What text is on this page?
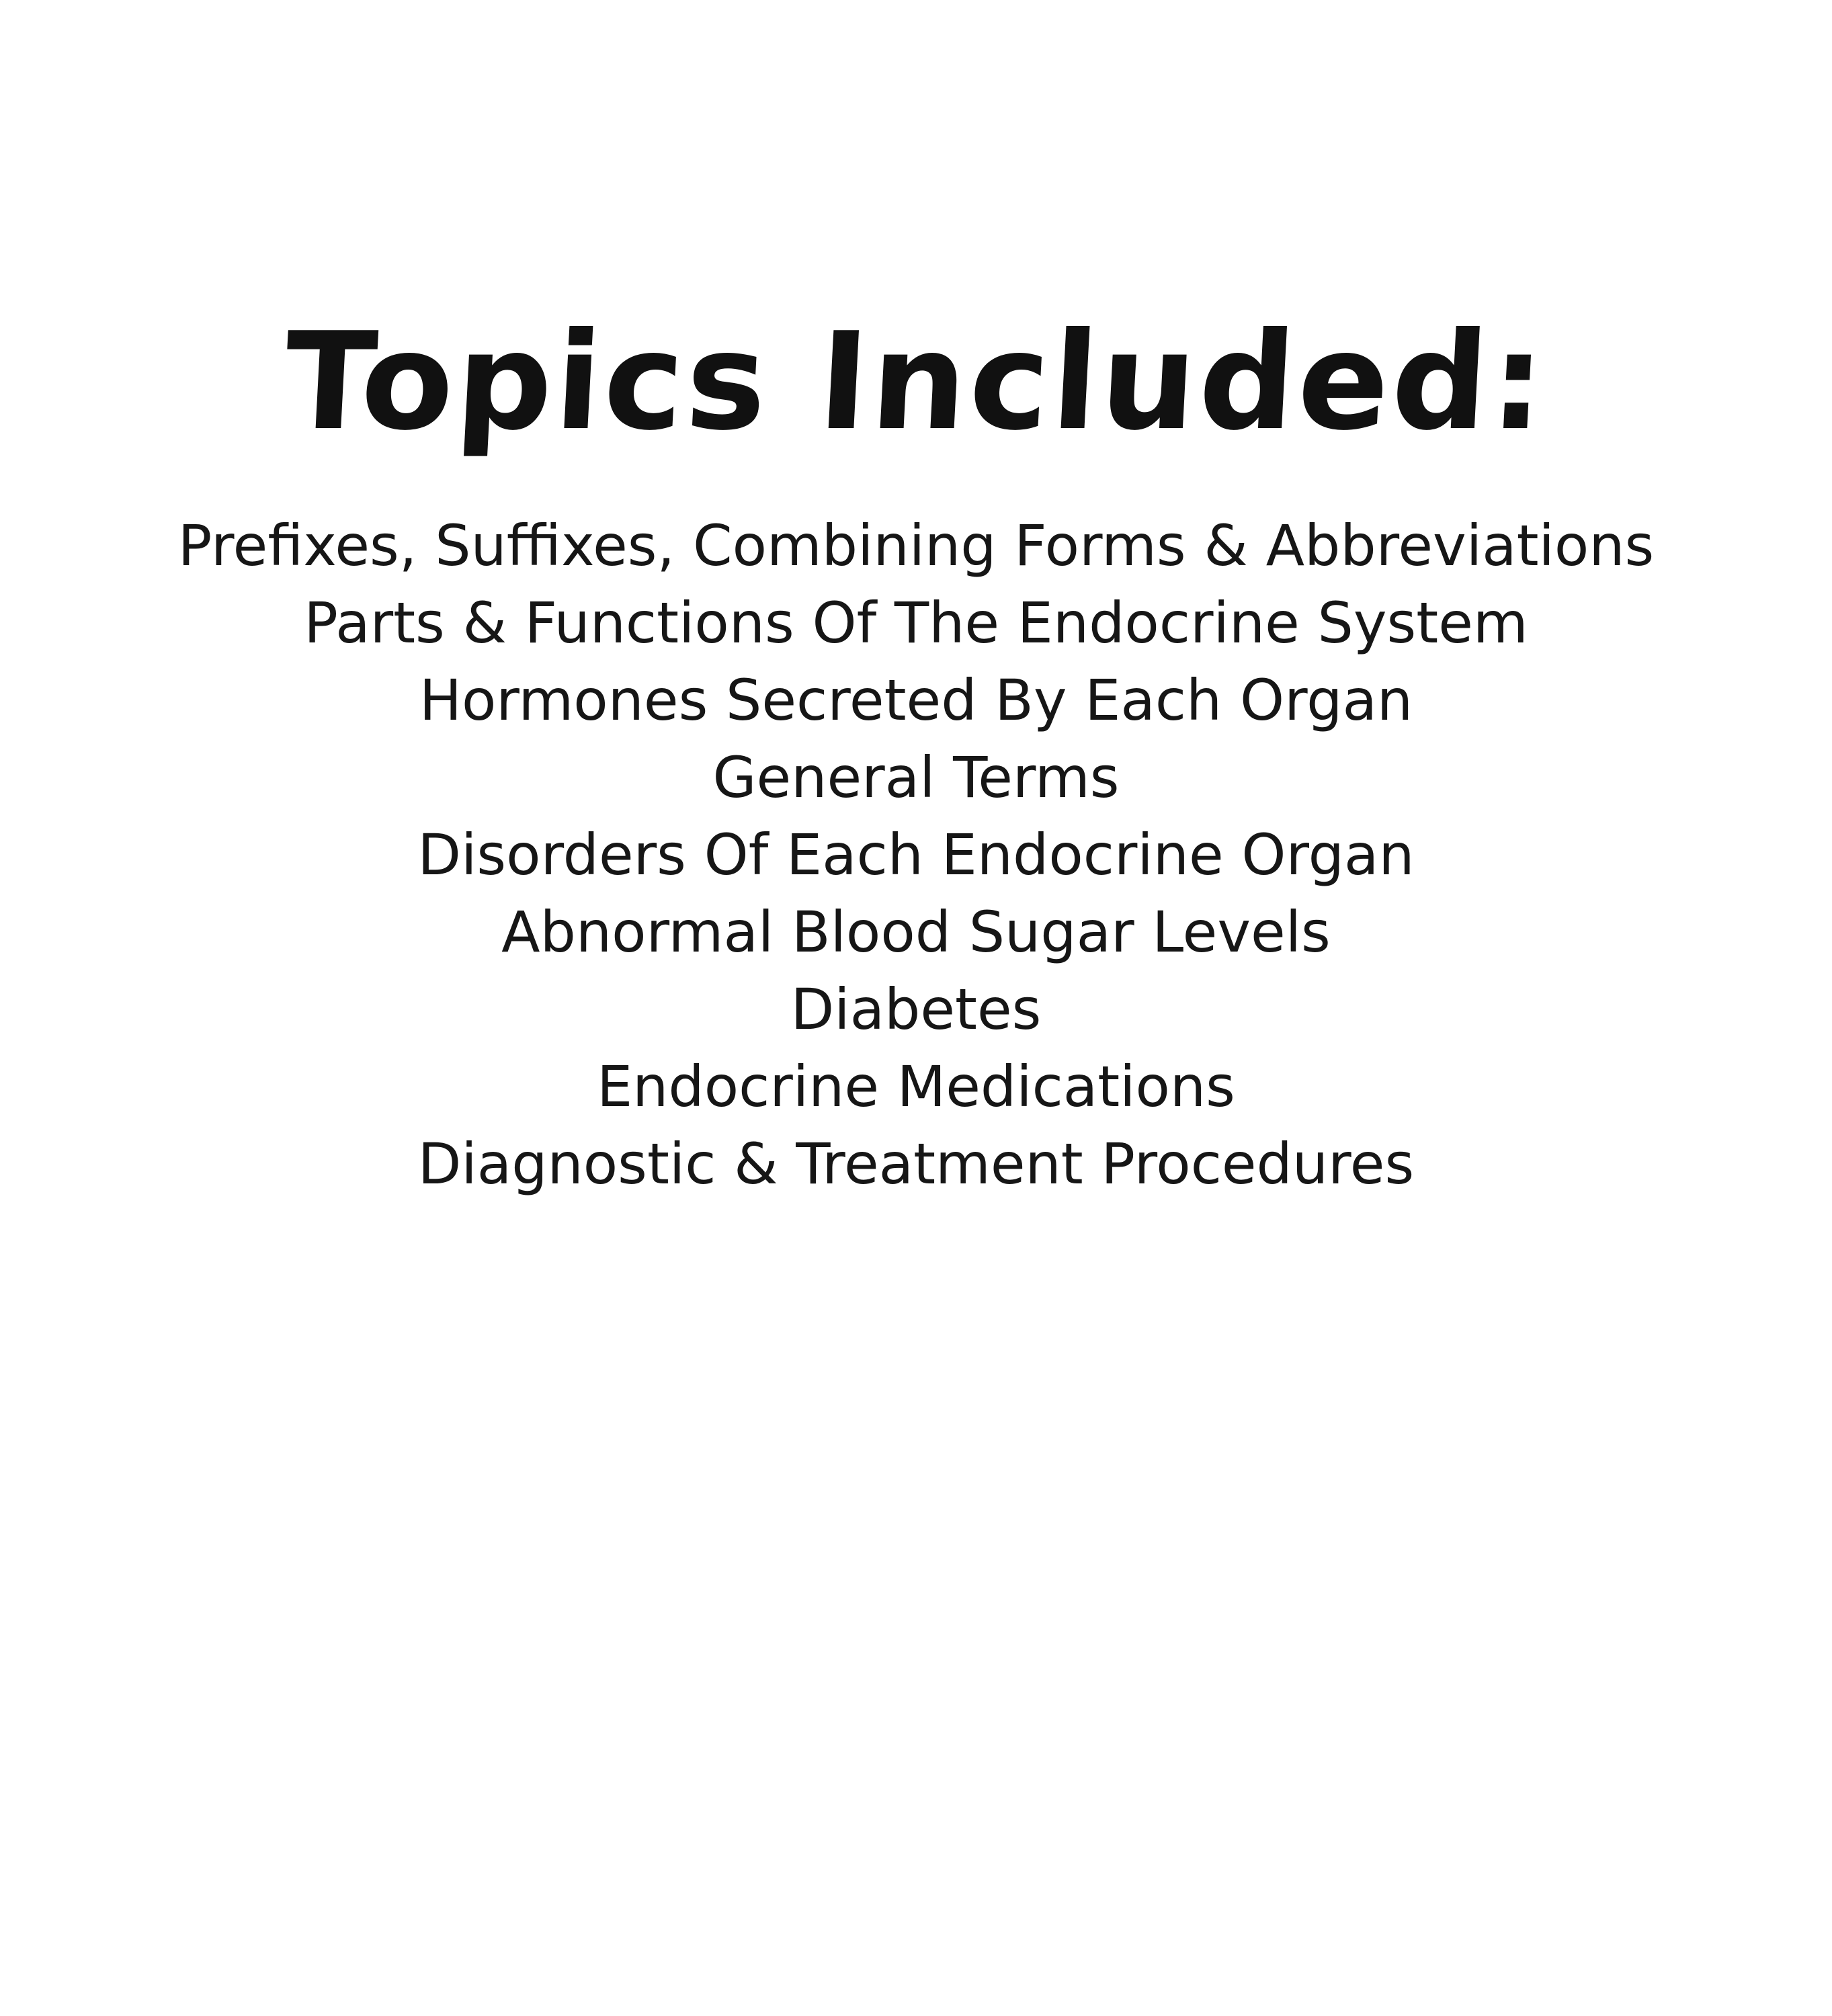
Topics Included:
Prefixes, Suffixes, Combining Forms & Abbreviations
Parts & Functions Of The Endocrine System
Hormones Secreted By Each Organ
General Terms
Disorders Of Each Endocrine Organ
Abnormal Blood Sugar Levels
Diabetes
Endocrine Medications
Diagnostic & Treatment Procedures
